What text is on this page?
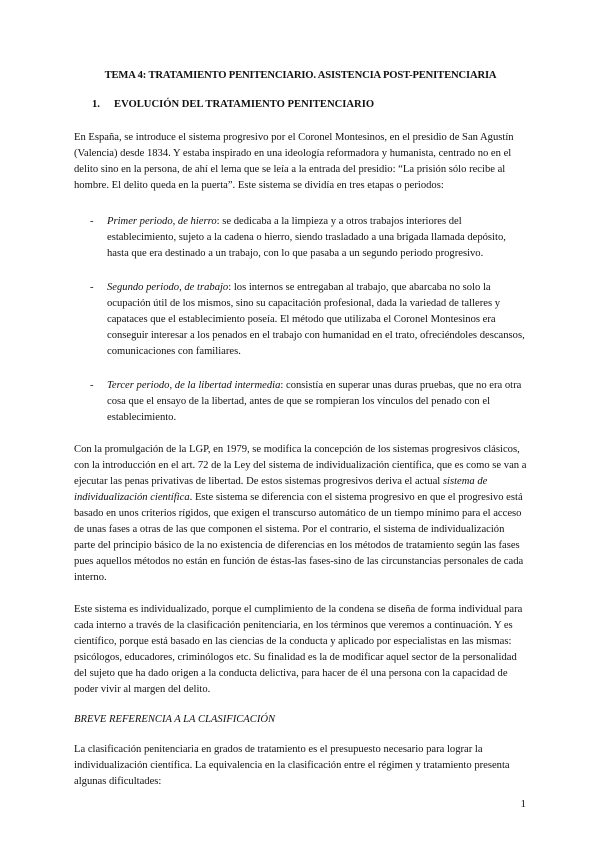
TEMA 4: TRATAMIENTO PENITENCIARIO. ASISTENCIA POST-PENITENCIARIA
1. EVOLUCIÓN DEL TRATAMIENTO PENITENCIARIO

En España, se introduce el sistema progresivo por el Coronel Montesinos, en el presidio de San Agustín (Valencia) desde 1834. Y estaba inspirado en una ideología reformadora y humanista, centrado no en el delito sino en la persona, de ahí el lema que se leía a la entrada del presidio: “La prisión sólo recibe al hombre. El delito queda en la puerta”. Este sistema se dividía en tres etapas o periodos:

- Primer periodo, de hierro: se dedicaba a la limpieza y a otros trabajos interiores del establecimiento, sujeto a la cadena o hierro, siendo trasladado a una brigada llamada depósito, hasta que era destinado a un trabajo, con lo que pasaba a un segundo periodo progresivo.
- Segundo periodo, de trabajo: los internos se entregaban al trabajo, que abarcaba no solo la ocupación útil de los mismos, sino su capacitación profesional, dada la variedad de talleres y capataces que el establecimiento poseía. El método que utilizaba el Coronel Montesinos era conseguir interesar a los penados en el trabajo con humanidad en el trato, ofreciéndoles descansos, comunicaciones con familiares.
- Tercer periodo, de la libertad intermedia: consistía en superar unas duras pruebas, que no era otra cosa que el ensayo de la libertad, antes de que se rompieran los vínculos del penado con el establecimiento.

Con la promulgación de la LGP, en 1979, se modifica la concepción de los sistemas progresivos clásicos, con la introducción en el art. 72 de la Ley del sistema de individualización científica, que es como se van a ejecutar las penas privativas de libertad. De estos sistemas progresivos deriva el actual sistema de individualización científica. Este sistema se diferencia con el sistema progresivo en que el progresivo está basado en unos criterios rígidos, que exigen el transcurso automático de un tiempo mínimo para el acceso de unas fases a otras de las que componen el sistema. Por el contrario, el sistema de individualización parte del principio básico de la no existencia de diferencias en los métodos de tratamiento según las fases pues aquellos métodos no están en función de éstas-las fases-sino de las circunstancias personales de cada interno.

Este sistema es individualizado, porque el cumplimiento de la condena se diseña de forma individual para cada interno a través de la clasificación penitenciaria, en los términos que veremos a continuación. Y es científico, porque está basado en las ciencias de la conducta y aplicado por especialistas en las mismas: psicólogos, educadores, criminólogos etc. Su finalidad es la de modificar aquel sector de la personalidad del sujeto que ha dado origen a la conducta delictiva, para hacer de él una persona con la capacidad de poder vivir al margen del delito.

BREVE REFERENCIA A LA CLASIFICACIÓN

La clasificación penitenciaria en grados de tratamiento es el presupuesto necesario para lograr la individualización científica. La equivalencia en la clasificación entre el régimen y tratamiento presenta algunas dificultades:

1
